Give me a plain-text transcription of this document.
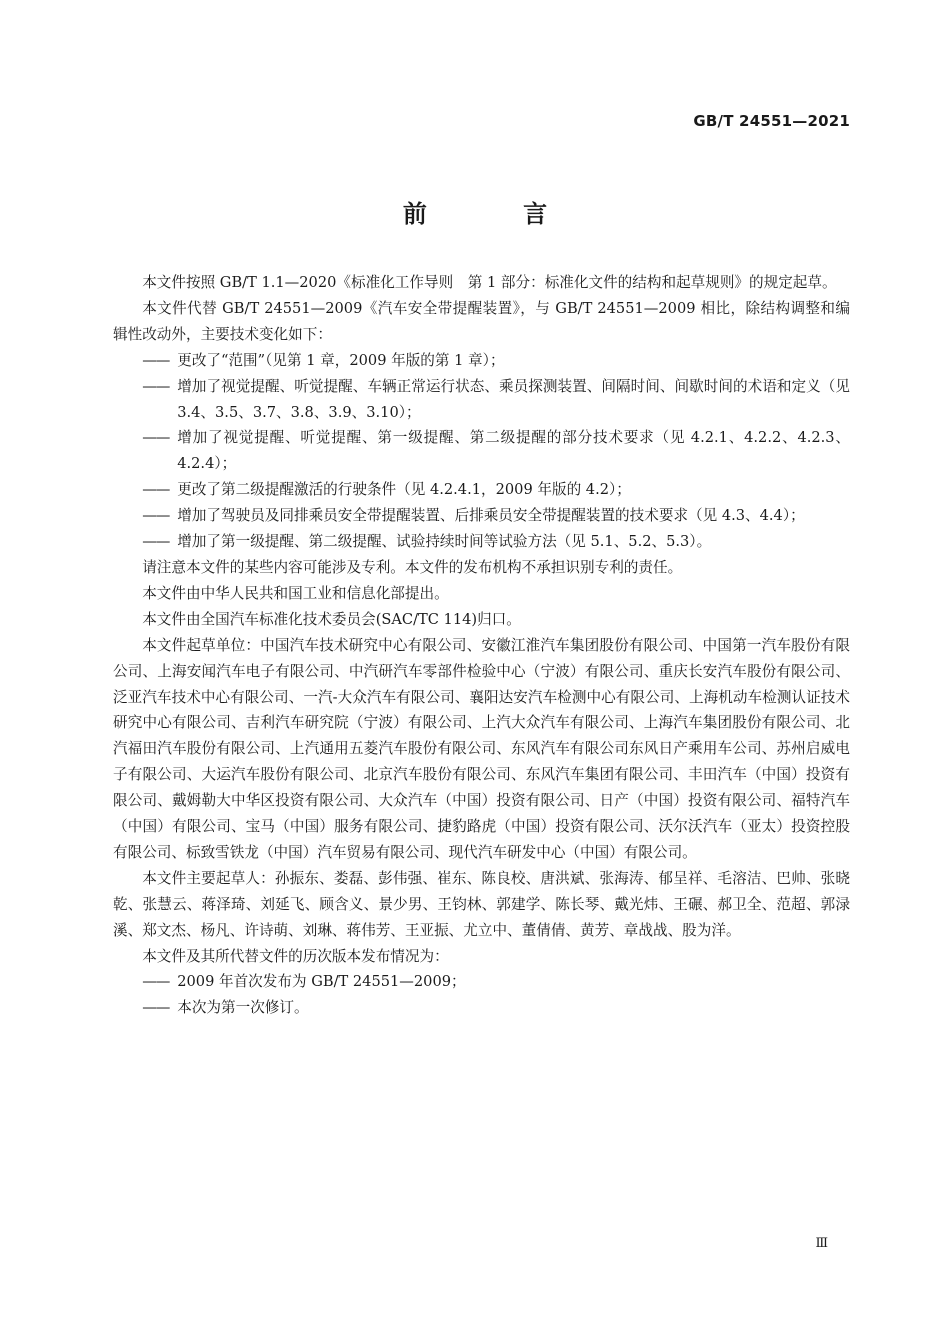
GB/T 24551—2021
前 言

本文件按照 GB/T 1.1—2020《标准化工作导则　第 1 部分：标准化文件的结构和起草规则》的规定起草。

本文件代替 GB/T 24551—2009《汽车安全带提醒装置》，与 GB/T 24551—2009 相比，除结构调整和编辑性改动外，主要技术变化如下：

—— 更改了“范围”（见第 1 章，2009 年版的第 1 章）；
—— 增加了视觉提醒、听觉提醒、车辆正常运行状态、乘员探测装置、间隔时间、间歇时间的术语和定义（见 3.4、3.5、3.7、3.8、3.9、3.10）；
—— 增加了视觉提醒、听觉提醒、第一级提醒、第二级提醒的部分技术要求（见 4.2.1、4.2.2、4.2.3、4.2.4）；
—— 更改了第二级提醒激活的行驶条件（见 4.2.4.1，2009 年版的 4.2）；
—— 增加了驾驶员及同排乘员安全带提醒装置、后排乘员安全带提醒装置的技术要求（见 4.3、4.4）；
—— 增加了第一级提醒、第二级提醒、试验持续时间等试验方法（见 5.1、5.2、5.3）。

请注意本文件的某些内容可能涉及专利。本文件的发布机构不承担识别专利的责任。

本文件由中华人民共和国工业和信息化部提出。

本文件由全国汽车标准化技术委员会(SAC/TC 114)归口。

本文件起草单位：中国汽车技术研究中心有限公司、安徽江淮汽车集团股份有限公司、中国第一汽车股份有限公司、上海安闻汽车电子有限公司、中汽研汽车零部件检验中心（宁波）有限公司、重庆长安汽车股份有限公司、泛亚汽车技术中心有限公司、一汽-大众汽车有限公司、襄阳达安汽车检测中心有限公司、上海机动车检测认证技术研究中心有限公司、吉利汽车研究院（宁波）有限公司、上汽大众汽车有限公司、上海汽车集团股份有限公司、北汽福田汽车股份有限公司、上汽通用五菱汽车股份有限公司、东风汽车有限公司东风日产乘用车公司、苏州启威电子有限公司、大运汽车股份有限公司、北京汽车股份有限公司、东风汽车集团有限公司、丰田汽车（中国）投资有限公司、戴姆勒大中华区投资有限公司、大众汽车（中国）投资有限公司、日产（中国）投资有限公司、福特汽车（中国）有限公司、宝马（中国）服务有限公司、捷豹路虎（中国）投资有限公司、沃尔沃汽车（亚太）投资控股有限公司、标致雪铁龙（中国）汽车贸易有限公司、现代汽车研发中心（中国）有限公司。

本文件主要起草人：孙振东、娄磊、彭伟强、崔东、陈良校、唐洪斌、张海涛、郁呈祥、毛溶洁、巴帅、张晓乾、张慧云、蒋泽琦、刘延飞、顾含义、景少男、王钧林、郭建学、陈长琴、戴光炜、王碾、郝卫全、范超、郭渌溪、郑文杰、杨凡、许诗萌、刘琳、蒋伟芳、王亚振、尤立中、董倩倩、黄芳、章战战、股为洋。

本文件及其所代替文件的历次版本发布情况为：

—— 2009 年首次发布为 GB/T 24551—2009；
—— 本次为第一次修订。
Ⅲ
